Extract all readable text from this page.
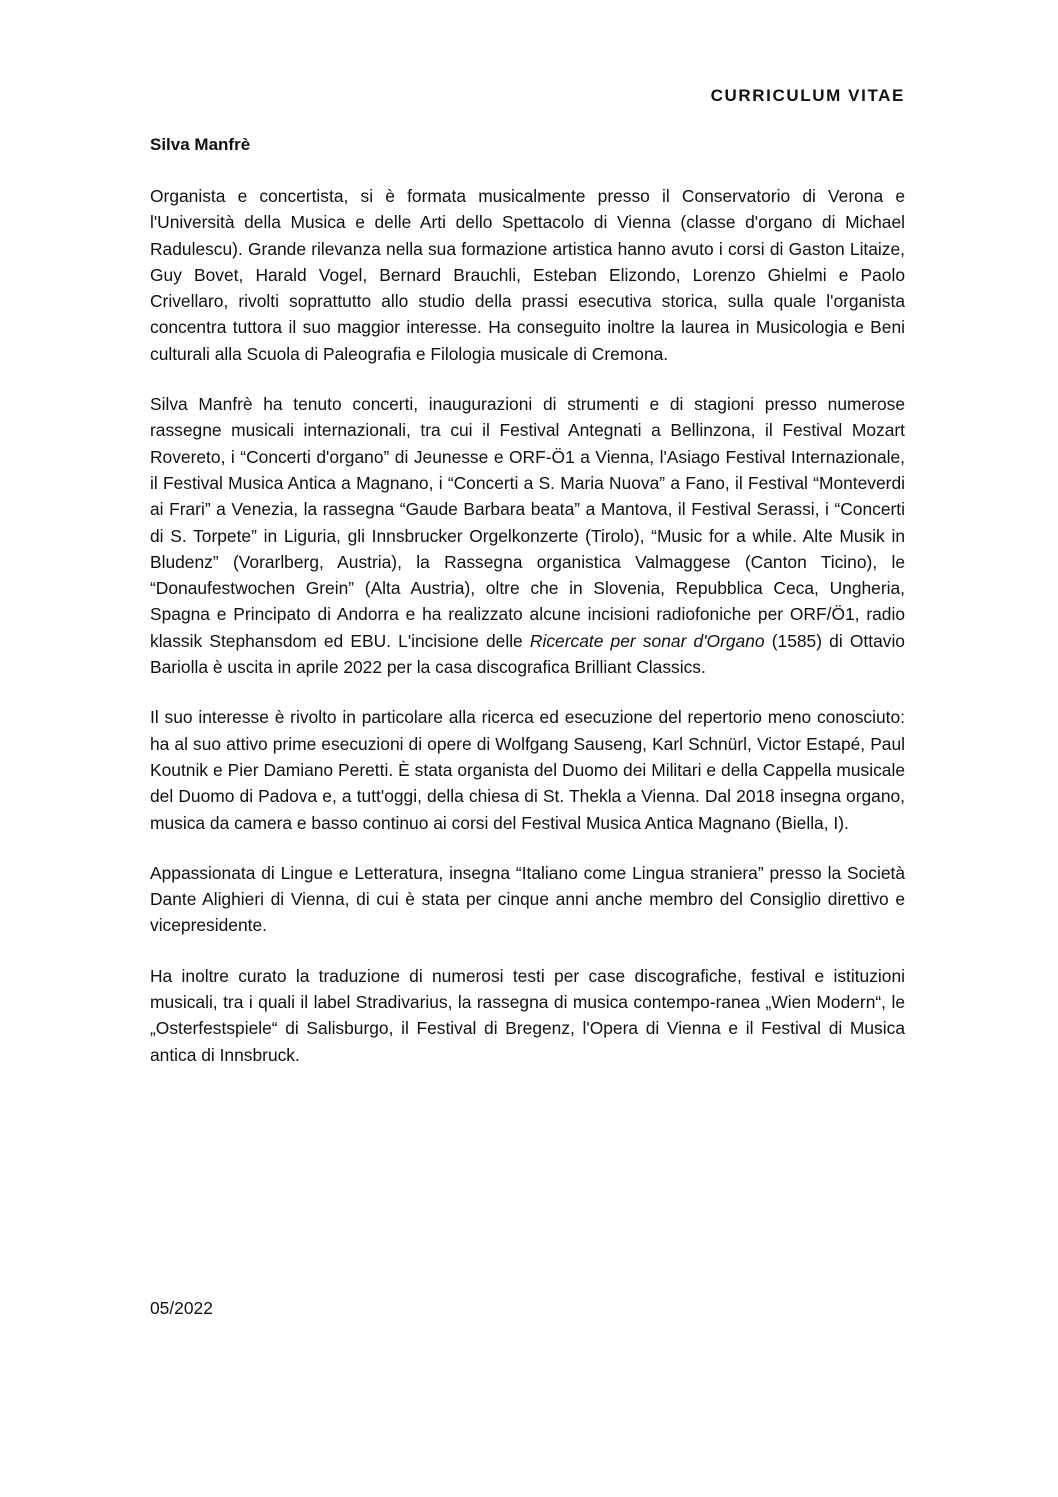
CURRICULUM VITAE
Silva Manfrè

Organista e concertista, si è formata musicalmente presso il Conservatorio di Verona e l'Università della Musica e delle Arti dello Spettacolo di Vienna (classe d'organo di Michael Radulescu). Grande rilevanza nella sua formazione artistica hanno avuto i corsi di Gaston Litaize, Guy Bovet, Harald Vogel, Bernard Brauchli, Esteban Elizondo, Lorenzo Ghielmi e Paolo Crivellaro, rivolti soprattutto allo studio della prassi esecutiva storica, sulla quale l'organista concentra tuttora il suo maggior interesse. Ha conseguito inoltre la laurea in Musicologia e Beni culturali alla Scuola di Paleografia e Filologia musicale di Cremona.

Silva Manfrè ha tenuto concerti, inaugurazioni di strumenti e di stagioni presso numerose rassegne musicali internazionali, tra cui il Festival Antegnati a Bellinzona, il Festival Mozart Rovereto, i “Concerti d'organo” di Jeunesse e ORF-Ö1 a Vienna, l'Asiago Festival Internazionale, il Festival Musica Antica a Magnano, i “Concerti a S. Maria Nuova” a Fano, il Festival “Monteverdi ai Frari” a Venezia, la rassegna “Gaude Barbara beata” a Mantova, il Festival Serassi, i “Concerti di S. Torpete” in Liguria, gli Innsbrucker Orgelkonzerte (Tirolo), “Music for a while. Alte Musik in Bludenz” (Vorarlberg, Austria), la Rassegna organistica Valmaggese (Canton Ticino), le “Donaufestwochen Grein” (Alta Austria), oltre che in Slovenia, Repubblica Ceca, Ungheria, Spagna e Principato di Andorra e ha realizzato alcune incisioni radiofoniche per ORF/Ö1, radio klassik Stephansdom ed EBU. L'incisione delle Ricercate per sonar d'Organo (1585) di Ottavio Bariolla è uscita in aprile 2022 per la casa discografica Brilliant Classics.

Il suo interesse è rivolto in particolare alla ricerca ed esecuzione del repertorio meno conosciuto: ha al suo attivo prime esecuzioni di opere di Wolfgang Sauseng, Karl Schnürl, Victor Estapé, Paul Koutnik e Pier Damiano Peretti. È stata organista del Duomo dei Militari e della Cappella musicale del Duomo di Padova e, a tutt'oggi, della chiesa di St. Thekla a Vienna. Dal 2018 insegna organo, musica da camera e basso continuo ai corsi del Festival Musica Antica Magnano (Biella, I).

Appassionata di Lingue e Letteratura, insegna “Italiano come Lingua straniera” presso la Società Dante Alighieri di Vienna, di cui è stata per cinque anni anche membro del Consiglio direttivo e vicepresidente.

Ha inoltre curato la traduzione di numerosi testi per case discografiche, festival e istituzioni musicali, tra i quali il label Stradivarius, la rassegna di musica contempo-ranea „Wien Modern“, le „Osterfestspiele“ di Salisburgo, il Festival di Bregenz, l'Opera di Vienna e il Festival di Musica antica di Innsbruck.

05/2022
